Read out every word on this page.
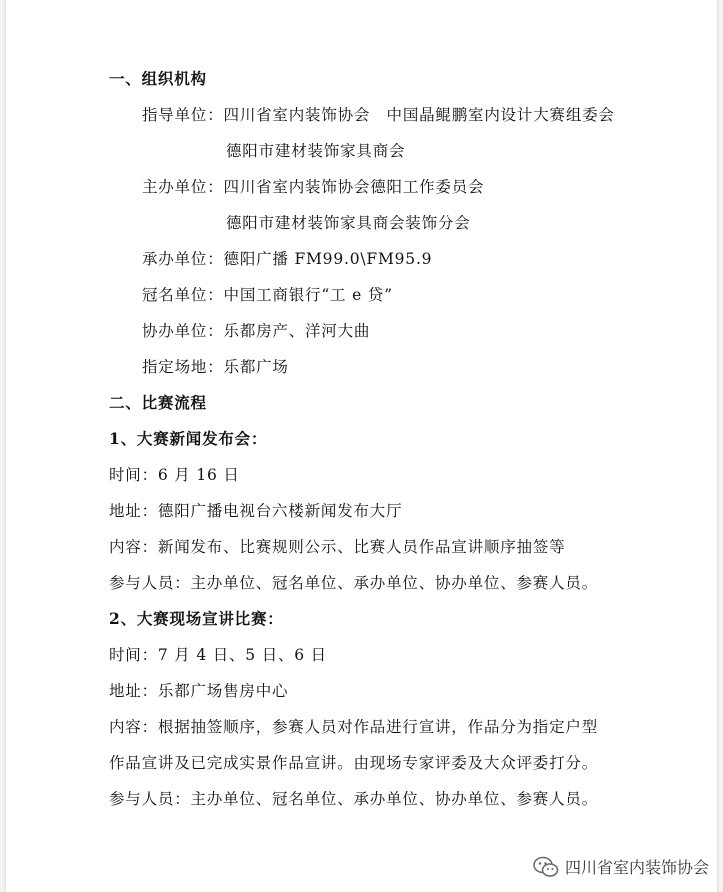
一、组织机构
指导单位：四川省室内装饰协会　中国晶鲲鹏室内设计大赛组委会
德阳市建材装饰家具商会
主办单位：四川省室内装饰协会德阳工作委员会
德阳市建材装饰家具商会装饰分会
承办单位：德阳广播 FM99.0\FM95.9
冠名单位：中国工商银行“工 e 贷”
协办单位：乐都房产、洋河大曲
指定场地：乐都广场
二、比赛流程
1、大赛新闻发布会：
时间：6 月 16 日
地址：德阳广播电视台六楼新闻发布大厅
内容：新闻发布、比赛规则公示、比赛人员作品宣讲顺序抽签等
参与人员：主办单位、冠名单位、承办单位、协办单位、参赛人员。
2、大赛现场宣讲比赛：
时间：7 月 4 日、5 日、6 日
地址：乐都广场售房中心
内容：根据抽签顺序，参赛人员对作品进行宣讲，作品分为指定户型
作品宣讲及已完成实景作品宣讲。由现场专家评委及大众评委打分。
参与人员：主办单位、冠名单位、承办单位、协办单位、参赛人员。
四川省室内装饰协会
